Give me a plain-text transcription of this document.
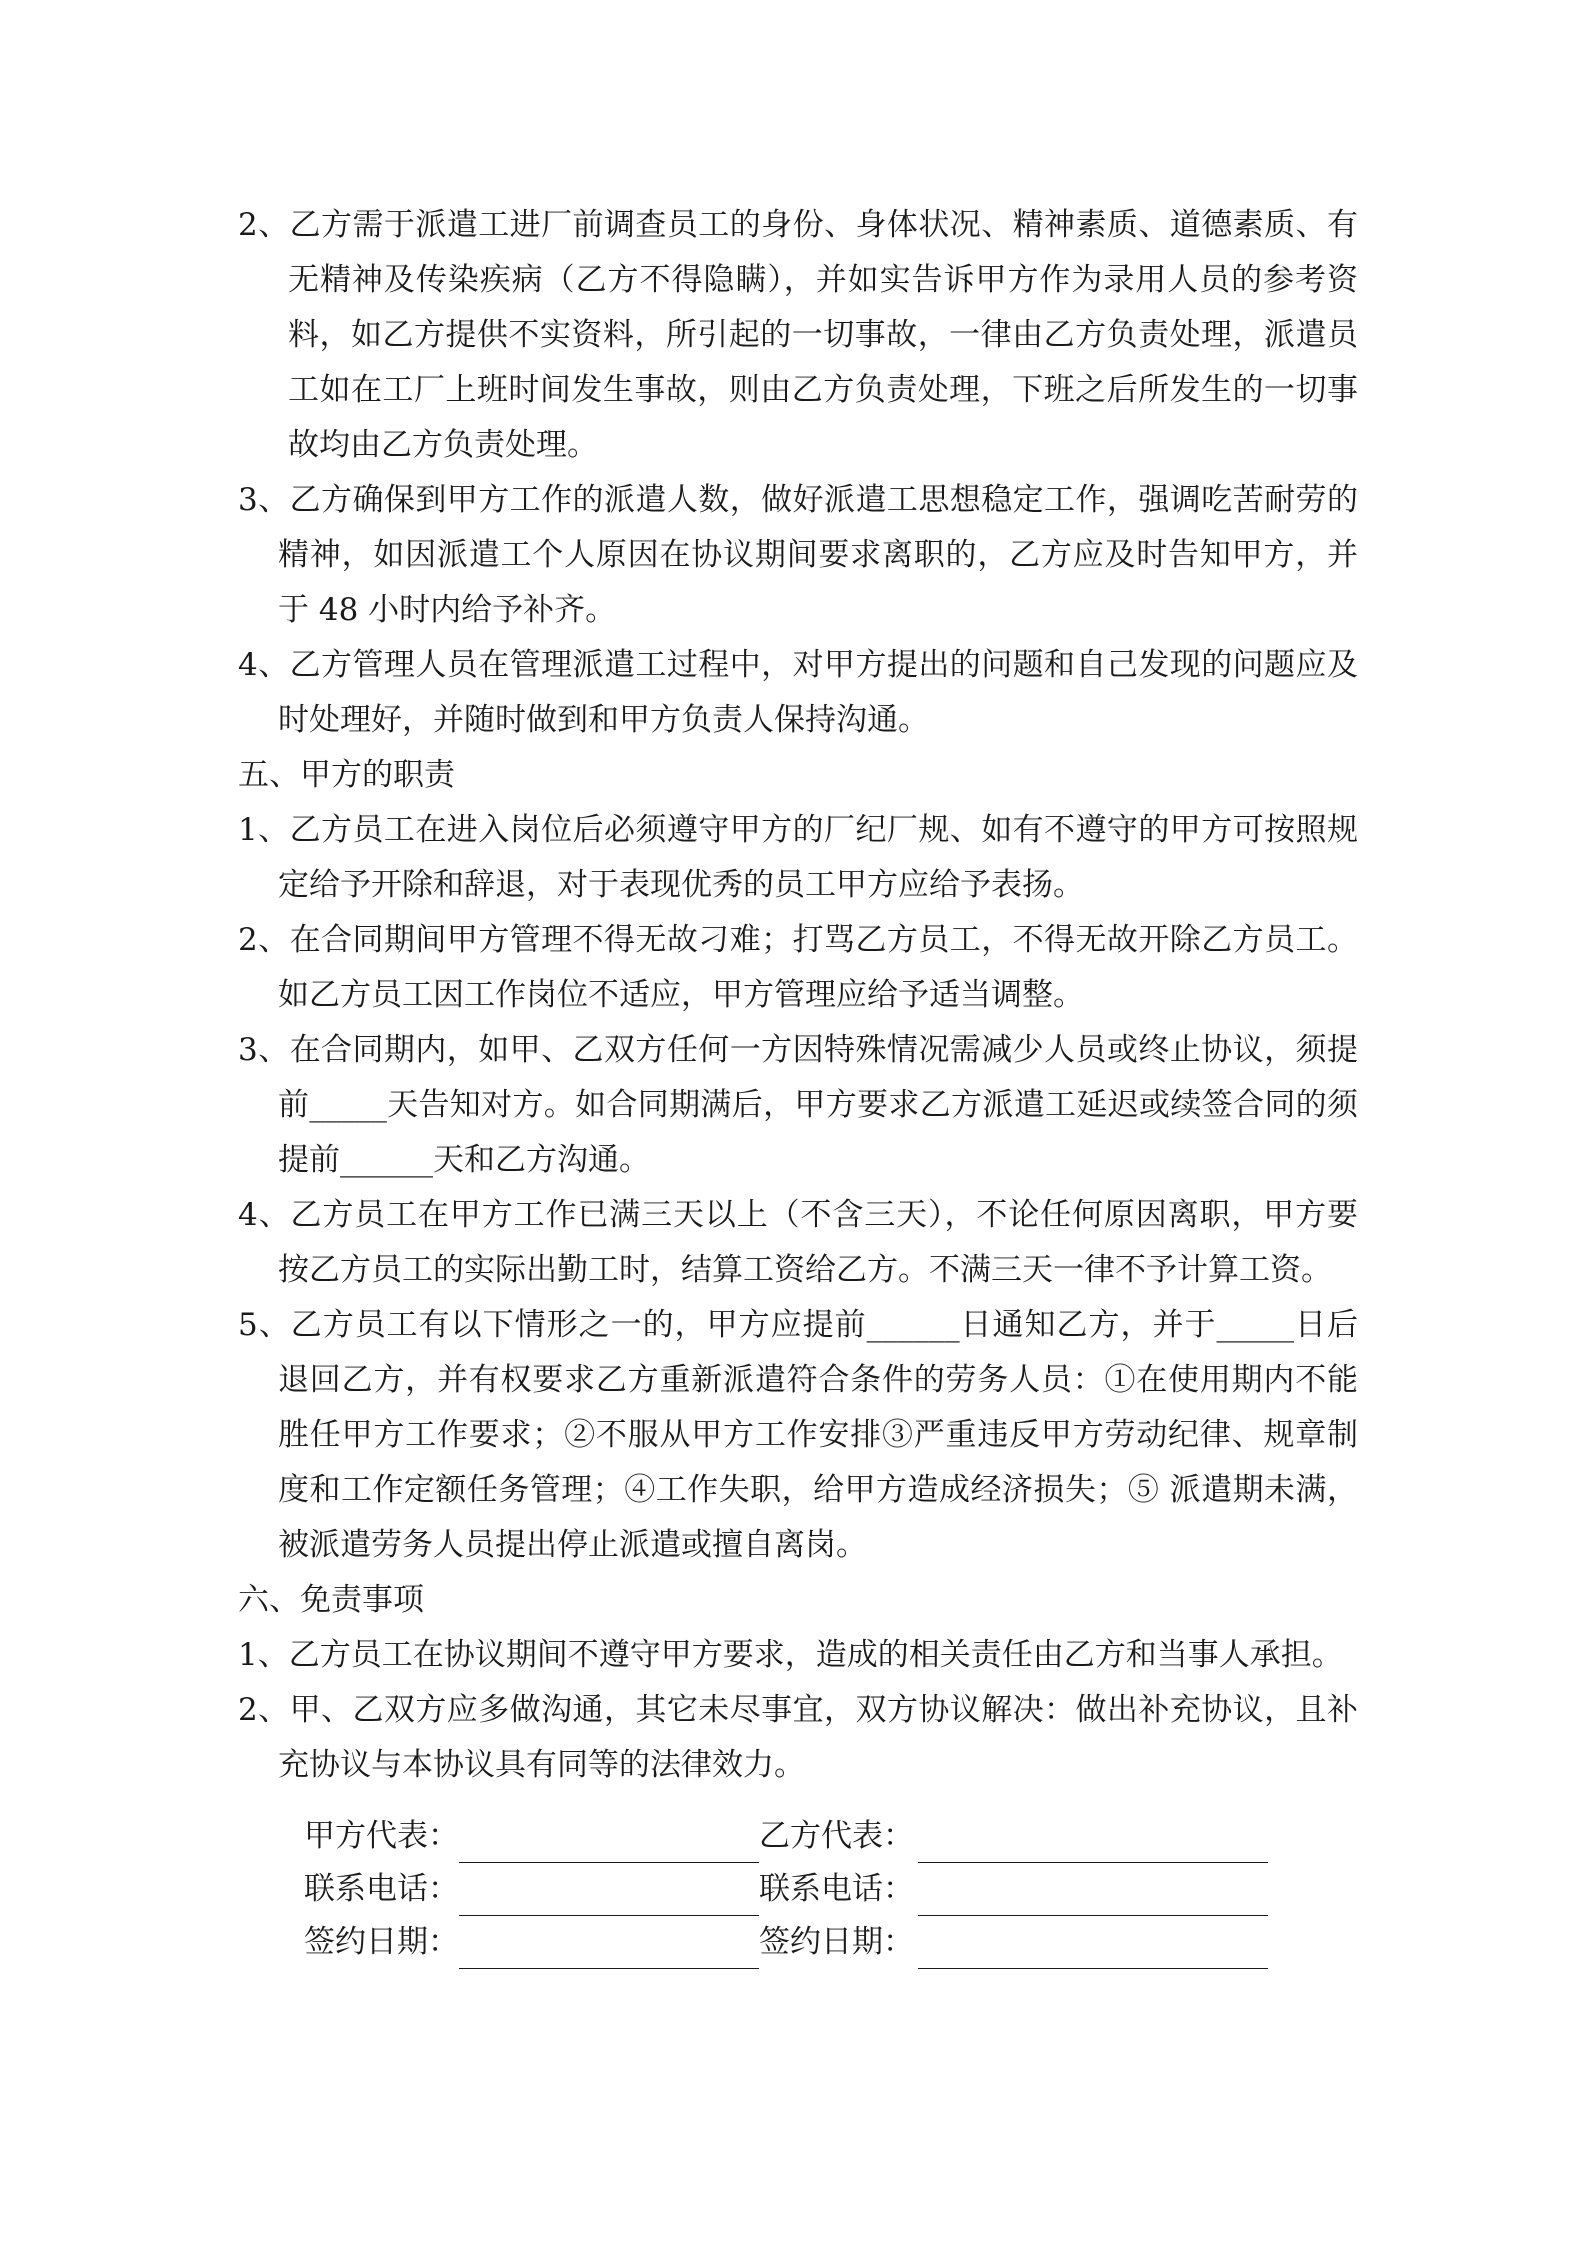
2、乙方需于派遣工进厂前调查员工的身份、身体状况、精神素质、道德素质、有无精神及传染疾病（乙方不得隐瞒），并如实告诉甲方作为录用人员的参考资料，如乙方提供不实资料，所引起的一切事故，一律由乙方负责处理，派遣员工如在工厂上班时间发生事故，则由乙方负责处理，下班之后所发生的一切事故均由乙方负责处理。

3、乙方确保到甲方工作的派遣人数，做好派遣工思想稳定工作，强调吃苦耐劳的精神，如因派遣工个人原因在协议期间要求离职的，乙方应及时告知甲方，并于 48 小时内给予补齐。

4、乙方管理人员在管理派遣工过程中，对甲方提出的问题和自己发现的问题应及时处理好，并随时做到和甲方负责人保持沟通。

五、甲方的职责

1、乙方员工在进入岗位后必须遵守甲方的厂纪厂规、如有不遵守的甲方可按照规定给予开除和辞退，对于表现优秀的员工甲方应给予表扬。

2、在合同期间甲方管理不得无故刁难；打骂乙方员工，不得无故开除乙方员工。如乙方员工因工作岗位不适应，甲方管理应给予适当调整。

3、在合同期内，如甲、乙双方任何一方因特殊情况需减少人员或终止协议，须提前_____天告知对方。如合同期满后，甲方要求乙方派遣工延迟或续签合同的须提前______天和乙方沟通。

4、乙方员工在甲方工作已满三天以上（不含三天），不论任何原因离职，甲方要按乙方员工的实际出勤工时，结算工资给乙方。不满三天一律不予计算工资。

5、乙方员工有以下情形之一的，甲方应提前______日通知乙方，并于_____日后退回乙方，并有权要求乙方重新派遣符合条件的劳务人员：①在使用期内不能胜任甲方工作要求；②不服从甲方工作安排③严重违反甲方劳动纪律、规章制度和工作定额任务管理；④工作失职，给甲方造成经济损失；⑤ 派遣期未满，被派遣劳务人员提出停止派遣或擅自离岗。

六、免责事项

1、乙方员工在协议期间不遵守甲方要求，造成的相关责任由乙方和当事人承担。

2、甲、乙双方应多做沟通，其它未尽事宜，双方协议解决：做出补充协议，且补充协议与本协议具有同等的法律效力。

甲方代表：	乙方代表：
联系电话：	联系电话：
签约日期：	签约日期：
